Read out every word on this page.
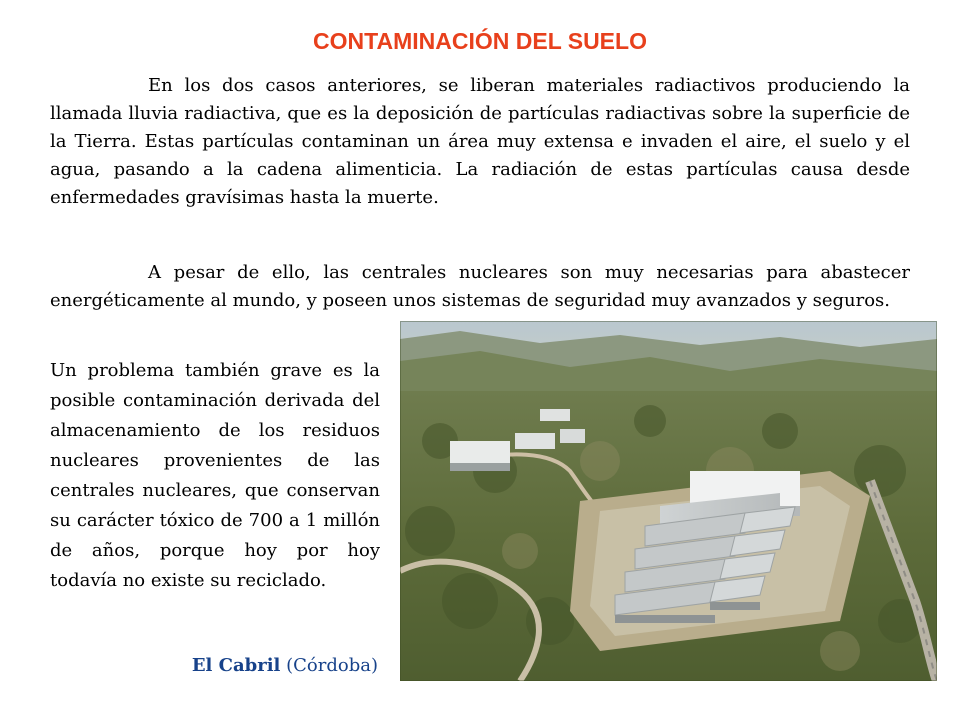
CONTAMINACIÓN DEL SUELO

En los dos casos anteriores, se liberan materiales radiactivos produciendo la llamada lluvia radiactiva, que es la deposición de partículas radiactivas sobre la superficie de la Tierra. Estas partículas contaminan un área muy extensa e invaden el aire, el suelo y el agua, pasando a la cadena alimenticia. La radiación de estas partículas causa desde enfermedades gravísimas hasta la muerte.

A pesar de ello, las centrales nucleares son muy necesarias para abastecer energéticamente al mundo, y poseen unos sistemas de seguridad muy avanzados y seguros.

Un problema también grave es la posible contaminación derivada del almacenamiento de los residuos nucleares provenientes de las centrales nucleares, que conservan su carácter tóxico de 700 a 1 millón de años, porque hoy por hoy todavía no existe su reciclado.

El Cabril (Córdoba)
